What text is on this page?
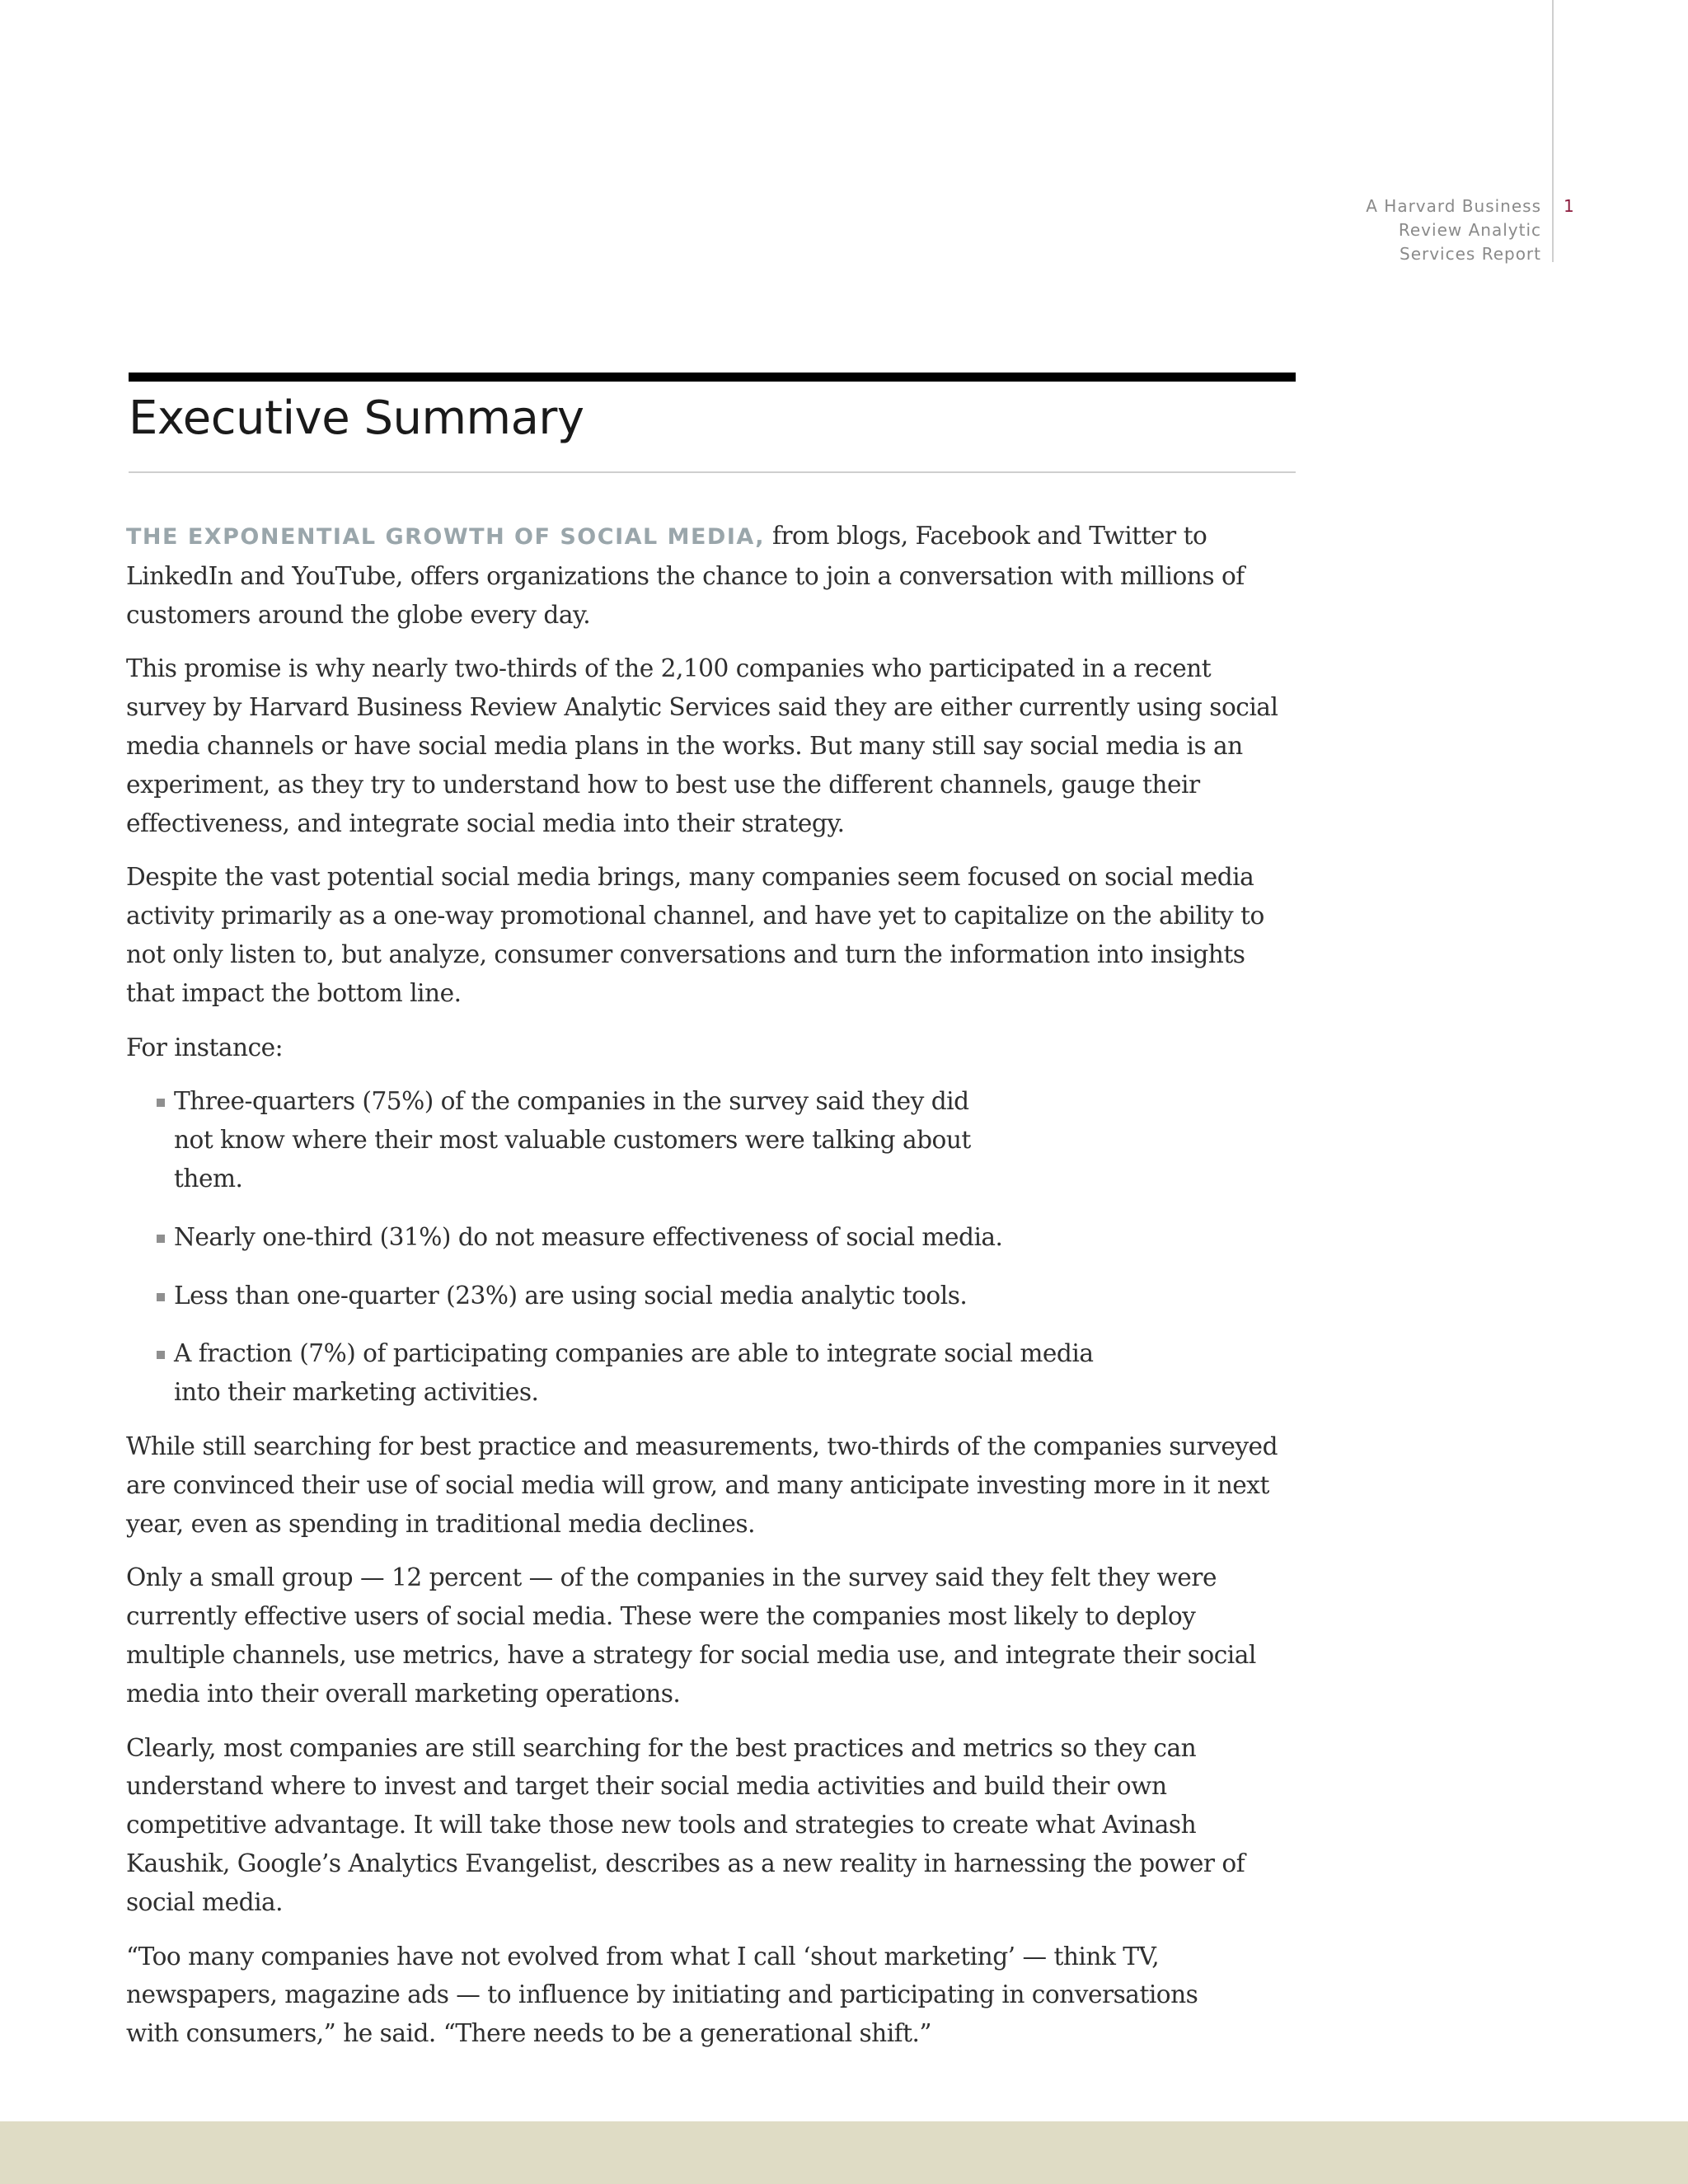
A Harvard Business
Review Analytic
Services Report
1
Executive Summary

THE EXPONENTIAL GROWTH OF SOCIAL MEDIA, from blogs, Facebook and Twitter to LinkedIn and YouTube, offers organizations the chance to join a conversation with millions of customers around the globe every day.

This promise is why nearly two-thirds of the 2,100 companies who participated in a recent survey by Harvard Business Review Analytic Services said they are either currently using social media channels or have social media plans in the works. But many still say social media is an experiment, as they try to understand how to best use the different channels, gauge their effectiveness, and integrate social media into their strategy.

Despite the vast potential social media brings, many companies seem focused on social media activity primarily as a one-way promotional channel, and have yet to capitalize on the ability to not only listen to, but analyze, consumer conversations and turn the information into insights that impact the bottom line.

For instance:

Three-quarters (75%) of the companies in the survey said they did not know where their most valuable customers were talking about them.
Nearly one-third (31%) do not measure effectiveness of social media.
Less than one-quarter (23%) are using social media analytic tools.
A fraction (7%) of participating companies are able to integrate social media into their marketing activities.

While still searching for best practice and measurements, two-thirds of the companies surveyed are convinced their use of social media will grow, and many anticipate investing more in it next year, even as spending in traditional media declines.

Only a small group — 12 percent — of the companies in the survey said they felt they were currently effective users of social media. These were the companies most likely to deploy multiple channels, use metrics, have a strategy for social media use, and integrate their social media into their overall marketing operations.

Clearly, most companies are still searching for the best practices and metrics so they can understand where to invest and target their social media activities and build their own competitive advantage. It will take those new tools and strategies to create what Avinash Kaushik, Google’s Analytics Evangelist, describes as a new reality in harnessing the power of social media.

“Too many companies have not evolved from what I call ‘shout marketing’ — think TV, newspapers, magazine ads — to influence by initiating and participating in conversations with consumers,” he said. “There needs to be a generational shift.”
